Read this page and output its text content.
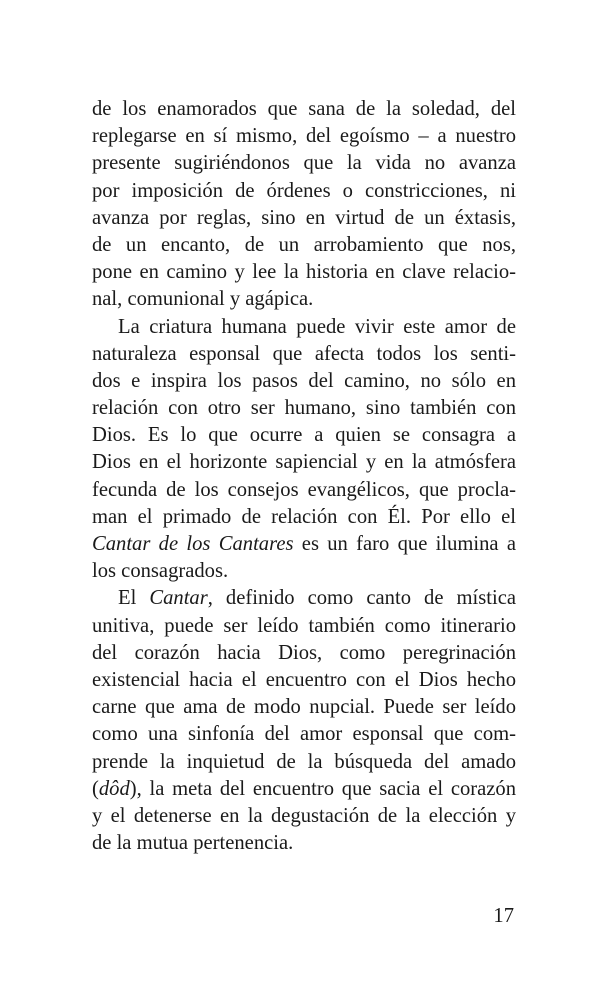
de los enamorados que sana de la soledad, del
replegarse en sí mismo, del egoísmo – a nuestro
presente sugiriéndonos que la vida no avanza
por imposición de órdenes o constricciones, ni
avanza por reglas, sino en virtud de un éxtasis,
de un encanto, de un arrobamiento que nos,
pone en camino y lee la historia en clave relacio-
nal, comunional y agápica.
La criatura humana puede vivir este amor de
naturaleza esponsal que afecta todos los senti-
dos e inspira los pasos del camino, no sólo en
relación con otro ser humano, sino también con
Dios. Es lo que ocurre a quien se consagra a
Dios en el horizonte sapiencial y en la atmósfera
fecunda de los consejos evangélicos, que procla-
man el primado de relación con Él. Por ello el
Cantar de los Cantares es un faro que ilumina a
los consagrados.
El Cantar, definido como canto de mística
unitiva, puede ser leído también como itinerario
del corazón hacia Dios, como peregrinación
existencial hacia el encuentro con el Dios hecho
carne que ama de modo nupcial. Puede ser leído
como una sinfonía del amor esponsal que com-
prende la inquietud de la búsqueda del amado
(dôd), la meta del encuentro que sacia el corazón
y el detenerse en la degustación de la elección y
de la mutua pertenencia.
17
